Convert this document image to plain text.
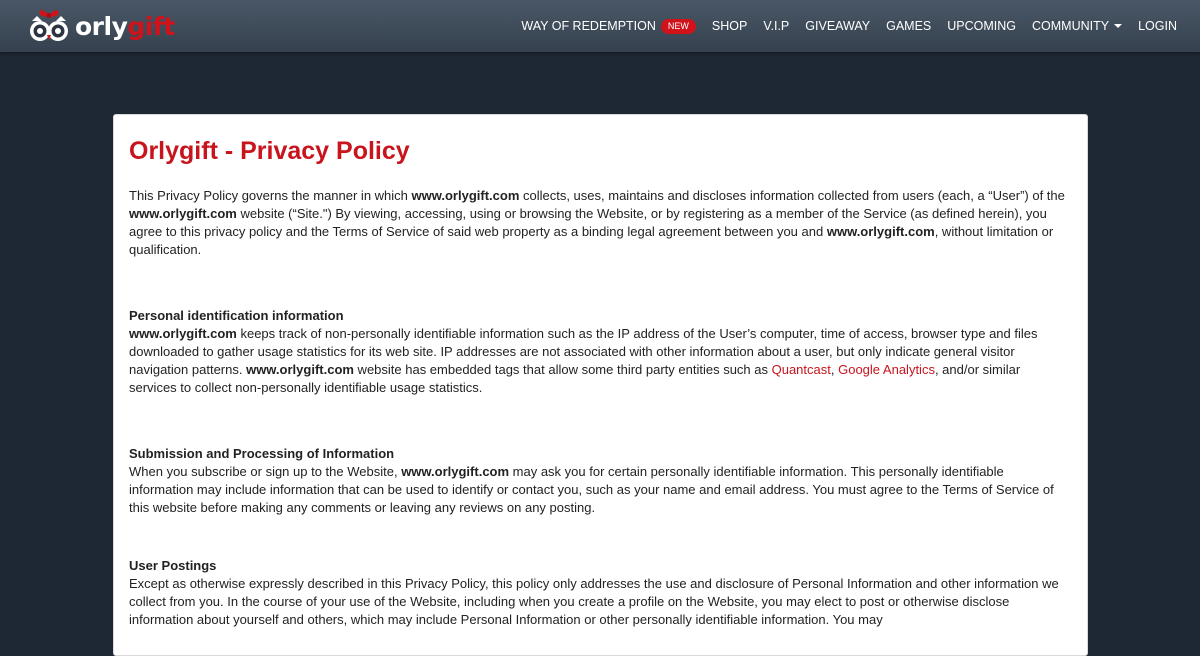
orlygift	WAY OF REDEMPTION	NEW	SHOP V.I.P GIVEAWAY GAMES UPCOMING COMMUNITY LOGIN
Orlygift - Privacy Policy

This Privacy Policy governs the manner in which www.orlygift.com collects, uses, maintains and discloses information collected from users (each, a “User”) of the www.orlygift.com website (“Site.") By viewing, accessing, using or browsing the Website, or by registering as a member of the Service (as defined herein), you agree to this privacy policy and the Terms of Service of said web property as a binding legal agreement between you and www.orlygift.com, without limitation or qualification.

Personal identification information

www.orlygift.com keeps track of non-personally identifiable information such as the IP address of the User’s computer, time of access, browser type and files downloaded to gather usage statistics for its web site. IP addresses are not associated with other information about a user, but only indicate general visitor navigation patterns. www.orlygift.com website has embedded tags that allow some third party entities such as Quantcast, Google Analytics, and/or similar services to collect non-personally identifiable usage statistics.

Submission and Processing of Information

When you subscribe or sign up to the Website, www.orlygift.com may ask you for certain personally identifiable information. This personally identifiable information may include information that can be used to identify or contact you, such as your name and email address. You must agree to the Terms of Service of this website before making any comments or leaving any reviews on any posting.

User Postings

Except as otherwise expressly described in this Privacy Policy, this policy only addresses the use and disclosure of Personal Information and other information we collect from you. In the course of your use of the Website, including when you create a profile on the Website, you may elect to post or otherwise disclose information about yourself and others, which may include Personal Information or other personally identifiable information. You may
